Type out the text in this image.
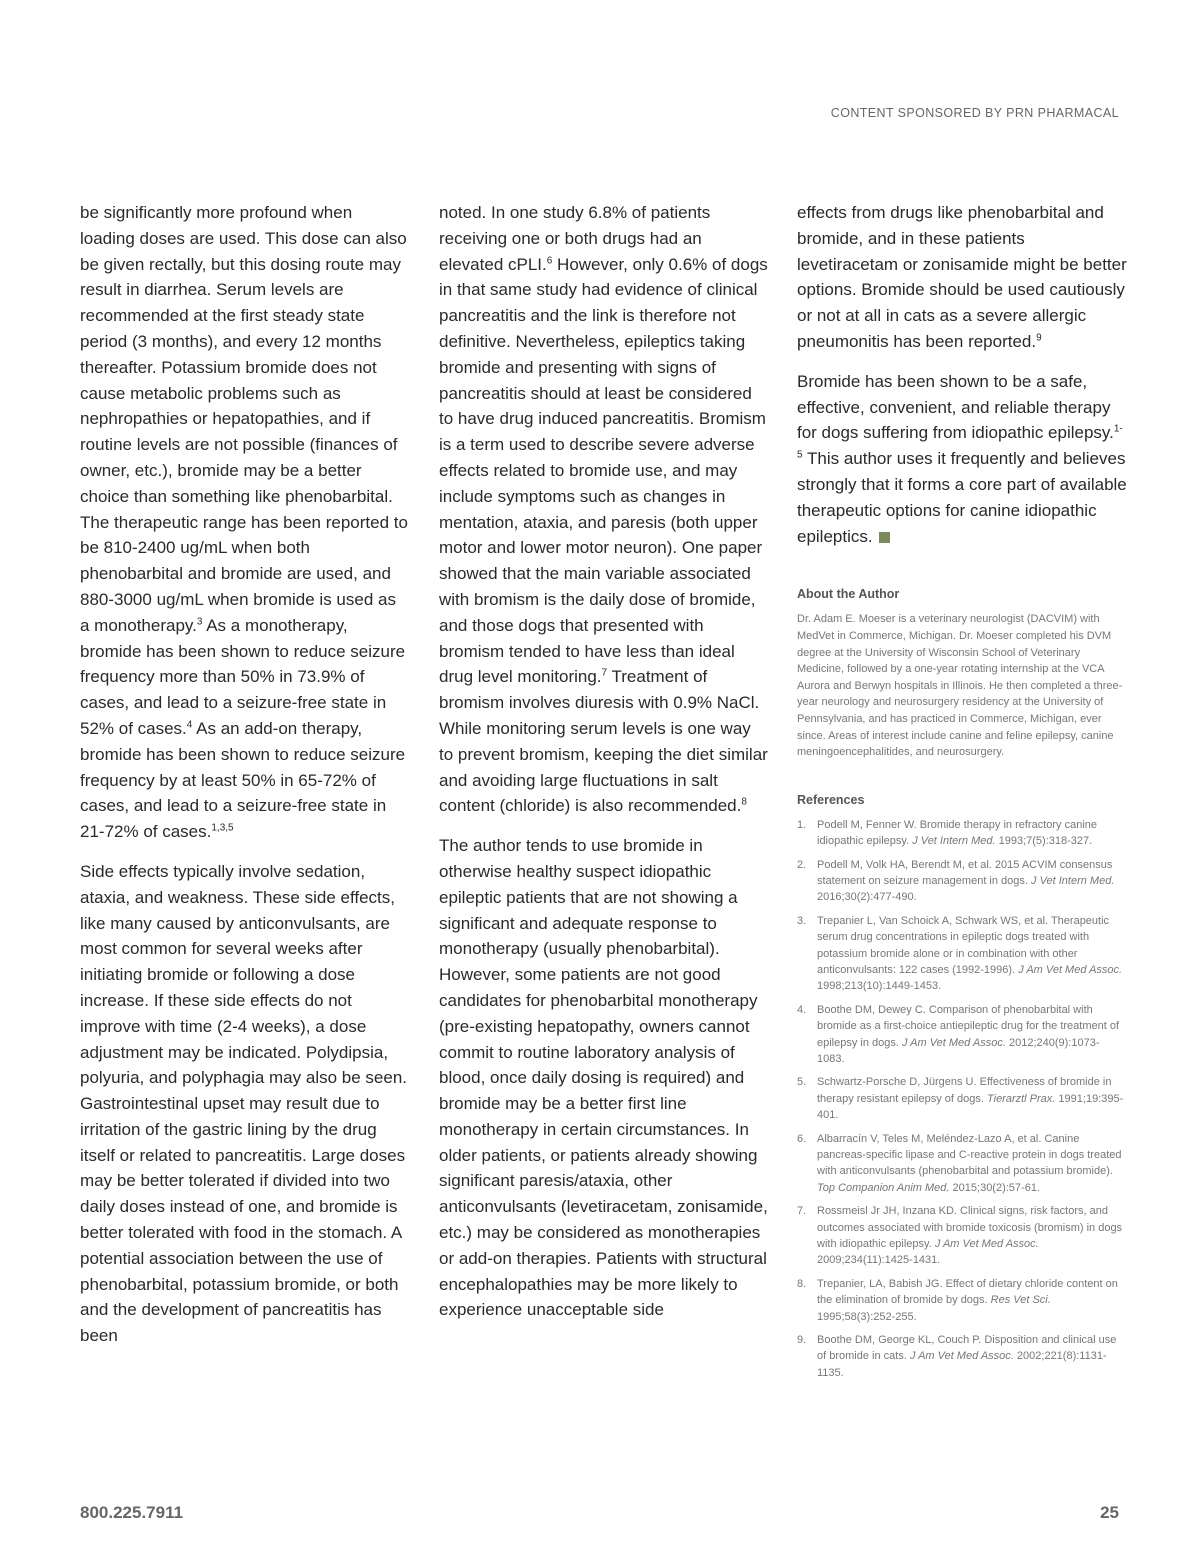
CONTENT SPONSORED BY PRN PHARMACAL

be significantly more profound when loading doses are used. This dose can also be given rectally, but this dosing route may result in diarrhea. Serum levels are recommended at the first steady state period (3 months), and every 12 months thereafter. Potassium bromide does not cause metabolic problems such as nephropathies or hepatopathies, and if routine levels are not possible (finances of owner, etc.), bromide may be a better choice than something like phenobarbital. The therapeutic range has been reported to be 810-2400 ug/mL when both phenobarbital and bromide are used, and 880-3000 ug/mL when bromide is used as a monotherapy.$^3$ As a monotherapy, bromide has been shown to reduce seizure frequency more than 50% in 73.9% of cases, and lead to a seizure-free state in 52% of cases.$^4$ As an add-on therapy, bromide has been shown to reduce seizure frequency by at least 50% in 65-72% of cases, and lead to a seizure-free state in 21-72% of cases.$^{1,3,5}$

Side effects typically involve sedation, ataxia, and weakness. These side effects, like many caused by anticonvulsants, are most common for several weeks after initiating bromide or following a dose increase. If these side effects do not improve with time (2-4 weeks), a dose adjustment may be indicated. Polydipsia, polyuria, and polyphagia may also be seen. Gastrointestinal upset may result due to irritation of the gastric lining by the drug itself or related to pancreatitis. Large doses may be better tolerated if divided into two daily doses instead of one, and bromide is better tolerated with food in the stomach. A potential association between the use of phenobarbital, potassium bromide, or both and the development of pancreatitis has been

noted. In one study 6.8% of patients receiving one or both drugs had an elevated cPLI.$^6$ However, only 0.6% of dogs in that same study had evidence of clinical pancreatitis and the link is therefore not definitive. Nevertheless, epileptics taking bromide and presenting with signs of pancreatitis should at least be considered to have drug induced pancreatitis. Bromism is a term used to describe severe adverse effects related to bromide use, and may include symptoms such as changes in mentation, ataxia, and paresis (both upper motor and lower motor neuron). One paper showed that the main variable associated with bromism is the daily dose of bromide, and those dogs that presented with bromism tended to have less than ideal drug level monitoring.$^7$ Treatment of bromism involves diuresis with 0.9% NaCl. While monitoring serum levels is one way to prevent bromism, keeping the diet similar and avoiding large fluctuations in salt content (chloride) is also recommended.$^8$

The author tends to use bromide in otherwise healthy suspect idiopathic epileptic patients that are not showing a significant and adequate response to monotherapy (usually phenobarbital). However, some patients are not good candidates for phenobarbital monotherapy (pre-existing hepatopathy, owners cannot commit to routine laboratory analysis of blood, once daily dosing is required) and bromide may be a better first line monotherapy in certain circumstances. In older patients, or patients already showing significant paresis/ataxia, other anticonvulsants (levetiracetam, zonisamide, etc.) may be considered as monotherapies or add-on therapies. Patients with structural encephalopathies may be more likely to experience unacceptable side

effects from drugs like phenobarbital and bromide, and in these patients levetiracetam or zonisamide might be better options. Bromide should be used cautiously or not at all in cats as a severe allergic pneumonitis has been reported.$^9$

Bromide has been shown to be a safe, effective, convenient, and reliable therapy for dogs suffering from idiopathic epilepsy.$^{1-5}$ This author uses it frequently and believes strongly that it forms a core part of available therapeutic options for canine idiopathic epileptics.

About the Author

Dr. Adam E. Moeser is a veterinary neurologist (DACVIM) with MedVet in Commerce, Michigan. Dr. Moeser completed his DVM degree at the University of Wisconsin School of Veterinary Medicine, followed by a one-year rotating internship at the VCA Aurora and Berwyn hospitals in Illinois. He then completed a three-year neurology and neurosurgery residency at the University of Pennsylvania, and has practiced in Commerce, Michigan, ever since. Areas of interest include canine and feline epilepsy, canine meningoencephalitides, and neurosurgery.

References
1. Podell M, Fenner W. Bromide therapy in refractory canine idiopathic epilepsy. J Vet Intern Med. 1993;7(5):318-327.
2. Podell M, Volk HA, Berendt M, et al. 2015 ACVIM consensus statement on seizure management in dogs. J Vet Intern Med. 2016;30(2):477-490.
3. Trepanier L, Van Schoick A, Schwark WS, et al. Therapeutic serum drug concentrations in epileptic dogs treated with potassium bromide alone or in combination with other anticonvulsants: 122 cases (1992-1996). J Am Vet Med Assoc. 1998;213(10):1449-1453.
4. Boothe DM, Dewey C. Comparison of phenobarbital with bromide as a first-choice antiepileptic drug for the treatment of epilepsy in dogs. J Am Vet Med Assoc. 2012;240(9):1073-1083.
5. Schwartz-Porsche D, Jürgens U. Effectiveness of bromide in therapy resistant epilepsy of dogs. Tierarztl Prax. 1991;19:395-401.
6. Albarracín V, Teles M, Meléndez-Lazo A, et al. Canine pancreas-specific lipase and C-reactive protein in dogs treated with anticonvulsants (phenobarbital and potassium bromide). Top Companion Anim Med. 2015;30(2):57-61.
7. Rossmeisl Jr JH, Inzana KD. Clinical signs, risk factors, and outcomes associated with bromide toxicosis (bromism) in dogs with idiopathic epilepsy. J Am Vet Med Assoc. 2009;234(11):1425-1431.
8. Trepanier, LA, Babish JG. Effect of dietary chloride content on the elimination of bromide by dogs. Res Vet Sci. 1995;58(3):252-255.
9. Boothe DM, George KL, Couch P. Disposition and clinical use of bromide in cats. J Am Vet Med Assoc. 2002;221(8):1131-1135.
800.225.7911	25
